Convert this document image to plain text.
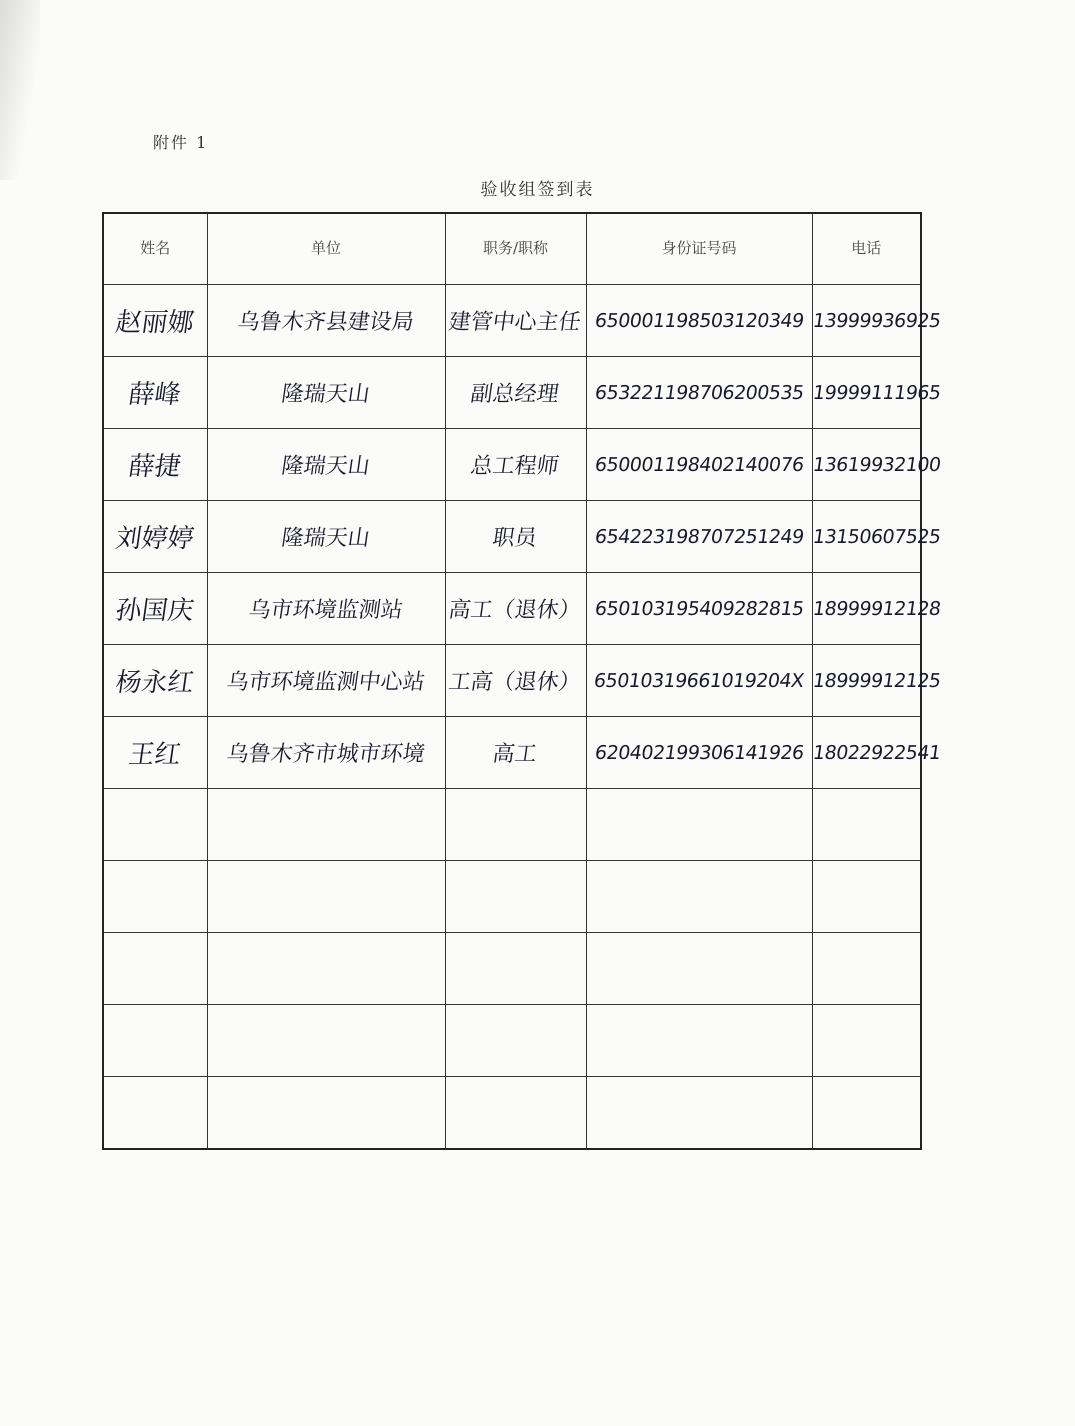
附件 1
验收组签到表
姓名	单位	职务/职称	身份证号码	电话
赵丽娜	乌鲁木齐县建设局	建管中心主任	650001198503120349	13999936925
薛峰	隆瑞天山	副总经理	653221198706200535	19999111965
薛捷	隆瑞天山	总工程师	650001198402140076	13619932100
刘婷婷	隆瑞天山	职员	654223198707251249	13150607525
孙国庆	乌市环境监测站	高工（退休）	650103195409282815	18999912128
杨永红	乌市环境监测中心站	工高（退休）	65010319661019204X	18999912125
王红	乌鲁木齐市城市环境	高工	620402199306141926	18022922541
